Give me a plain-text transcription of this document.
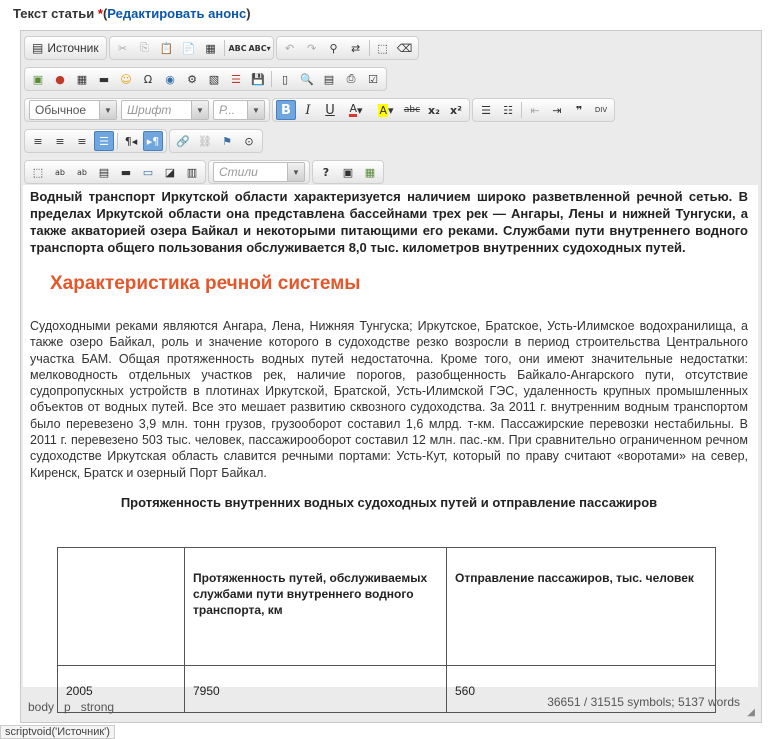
Текст статьи *(Редактировать анонс)
▤ Источник	✂	⎘ 📋 📄 ▦	ABC ABC▾	↶	↷	⚲	⇄	⬚ ⌫
▣	●	▦	▬	☺	Ω	◉	⚙	▧	☰ 💾	▯	🔍 ▤	⎙	☑
Обычное	▼	Шрифт	▼	Р...	▼	B	I	U	A ▾	A ▾	abc x₂ x²	☰	☷	⇤	⇥	❞	DIV
≡	≡	≡	☰	¶◂ ▸¶	🔗 ⛓ ⚑	⊙
⬚	ab	ab	▤	▬	▭	◪	▥	Стили	▼	?	▣	▦

Водный транспорт Иркутской области характеризуется наличием широко разветвленной речной сетью. В пределах Иркутской области она представлена бассейнами трех рек — Ангары, Лены и нижней Тунгуски, а также акваторией озера Байкал и некоторыми питающими его реками. Службами пути внутреннего водного транспорта общего пользования обслуживается 8,0 тыс. километров внутренних судоходных путей.

Характеристика речной системы

Судоходными реками являются Ангара, Лена, Нижняя Тунгуска; Иркутское, Братское, Усть-Илимское водохранилища, а также озеро Байкал, роль и значение которого в судоходстве резко возросли в период строительства Центрального участка БАМ. Общая протяженность водных путей недостаточна. Кроме того, они имеют значительные недостатки: мелководность отдельных участков рек, наличие порогов, разобщенность Байкало-Ангарского пути, отсутствие судопропускных устройств в плотинах Иркутской, Братской, Усть-Илимской ГЭС, удаленность крупных промышленных объектов от водных путей. Все это мешает развитию сквозного судоходства. За 2011 г. внутренним водным транспортом было перевезено 3,9 млн. тонн грузов, грузооборот составил 1,6 млрд. т-км. Пассажирские перевозки нестабильны. В 2011 г. перевезено 503 тыс. человек, пассажирооборот составил 12 млн. пас.-км. При сравнительно ограниченном речном судоходстве Иркутская область славится речными портами: Усть-Кут, который по праву считают «воротами» на север, Киренск, Братск и озерный Порт Байкал.

Протяженность внутренних водных судоходных путей и отправление пассажиров

	Протяженность путей, обслуживаемых службами пути внутреннего водного транспорта, км	Отправление пассажиров, тыс. человек
2005	7950	560
body p strong	36651 / 31515 symbols; 5137 words
◢
scriptvoid('Источник')
